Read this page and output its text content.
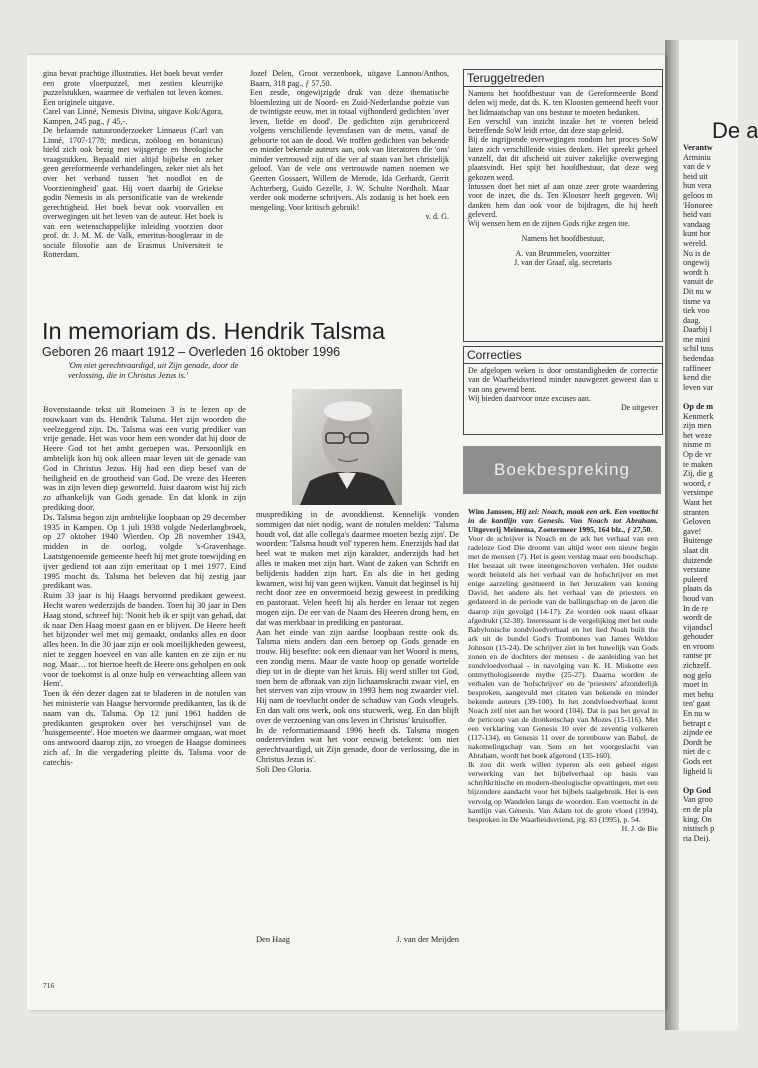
gina bevat prachtige illustraties. Het boek bevat verder een grote vloerpuzzel, met zestien kleurrijke puzzelstukken, waarmee de verhalen tot leven komen. Een originele uitgave.

Carel van Linné, Nemesis Divina, uitgave Kok/Agora, Kampen, 245 pag., ƒ 45,-.

De befaamde natuuronderzoeker Linnaeus (Carl van Linné, 1707-1778; medicus, zoöloog en botanicus) hield zich ook bezig met wijsgerige en theologische vraagstukken. Bepaald niet altijd bijbelse en zeker geen gereformeerde verhandelingen, zeker niet als het over het verband tussen 'het noodlot en de Voorzieningheid' gaat. Hij voert daarbij de Griekse godin Nemesis in als personificatie van de wrekende gerechtigheid. Het boek bevat ook voorvallen en overwegingen uit het leven van de auteur. Het boek is van een wetenschappelijke inleiding voorzien door prof. dr. J. M. M. de Valk, emeritus-hoogleraar in de sociale filosofie aan de Erasmus Universiteit te Rotterdam.

Jozef Delen, Groot verzenboek, uitgave Lannoo/Anthos, Baarn, 318 pag., ƒ 57,50.

Een zesde, ongewijzigde druk van deze thematische bloemlezing uit de Noord- en Zuid-Nederlandse poëzie van de twintigste eeuw, met in totaal vijfhonderd gedichten 'over leven, liefde en dood'. De gedichten zijn gerubriceerd volgens verschillende levensfasen van de mens, vanaf de geboorte tot aan de dood. We troffen gedichten van bekende en minder bekende auteurs aan, ook van literatoren die 'ons' minder vertrouwd zijn of die ver af staan van het christelijk geloof. Van de vele ons vertrouwde namen noemen we Geerten Gossaert, Willem de Merode, Ida Gerhardt, Gerrit Achterberg, Guido Gezelle, J. W. Schulte Nordholt. Maar verder ook moderne schrijvers. Als zodanig is het boek een mengeling. Voor kritisch gebruik!

v. d. G.

Teruggetreden

Namens het hoofdbestuur van de Gereformeerde Bond delen wij mede, dat ds. K. ten Kloosten gemeend heeft voor het lidmaatschap van ons bestuur te moeten bedanken.

Een verschil van inzicht inzake het te voeren beleid betreffende SoW leidt ertoe, dat deze stap geleid.

Bij de ingrijpende overwegingen rondom het proces SoW laten zich verschillende visies denken. Het spreekt geheel vanzelf, dat dit afscheid uit zuiver zakelijke overweging plaatsvindt. Het spijt het hoofdbestuur, dat deze weg gekozen werd.

Intussen doet het niet af aan onze zeer grote waardering voor de inzet, die ds. Ten Klooster heeft gegeven. Wij danken hem dan ook voor de bijdragen, die hij heeft geleverd.

Wij wensen hem en de zijnen Gods rijke zegen toe.

Namens het hoofdbestuur,

A. van Brummelen, voorzitter

J. van der Graaf, alg. secretaris

Correcties

De afgelopen weken is door omstandigheden de correctie van de Waarheidsvriend minder nauwgezet geweest dan u van ons gewend bent.

Wij bieden daarvoor onze excuses aan.

De uitgever

In memoriam ds. Hendrik Talsma
Geboren 26 maart 1912 – Overleden 16 oktober 1996
'Om niet gerechtvaardigd, uit Zijn genade, door de verlossing, die in Christus Jezus is.'

Bovenstaande tekst uit Romeinen 3 is te lezen op de rouwkaart van ds. Hendrik Talsma. Het zijn woorden die veelzeggend zijn. Ds. Talsma was een vurig prediker van vrije genade. Het was voor hem een wonder dat hij door de Heere God tot het ambt geroepen was. Persoonlijk en ambtelijk kon hij ook alleen maar leven uit de genade van God in Christus Jezus. Hij had een diep besef van de heiligheid en de grootheid van God. De vreze des Heeren was in zijn leven diep geworteld. Juist daarom wist hij zich zo afhankelijk van Gods genade. En dat klonk in zijn prediking door.

Ds. Talsma begon zijn ambtelijke loopbaan op 29 december 1935 in Kampen. Op 1 juli 1938 volgde Nederlangbroek, op 27 oktober 1940 Wierden. Op 28 november 1943, midden in de oorlog, volgde 's-Gravenhage. Laatstgenoemde gemeente heeft hij met grote toewijding en ijver gediend tot aan zijn emeritaat op 1 mei 1977. Eind 1995 mocht ds. Talsma het beleven dat hij zestig jaar predikant was.

Ruim 33 jaar is hij Haags hervormd predikant geweest. Hecht waren wederzijds de banden. Toen hij 30 jaar in Den Haag stond, schreef hij: 'Nooit heb ik er spijt van gehad, dat ik naar Den Haag moest gaan en er blijven. De Heere heeft het bijzonder wel met mij gemaakt, ondanks alles en door alles heen. In die 30 jaar zijn er ook moeilijkheden geweest, niet te zeggen hoeveel en van alle kanten en ze zijn er nu nog. Maar… tot hiertoe heeft de Heere ons geholpen en ook voor de toekomst is al onze hulp en verwachting alleen van Hem'.

Toen ik één dezer dagen zat te bladeren in de notulen van het ministerie van Haagse hervormde predikanten, las ik de naam van ds. Talsma. Op 12 juni 1961 hadden de predikanten gesproken over het verschijnsel van de 'huisgemeente'. Hoe moeten we daarmee omgaan, wat moet ons antwoord daarop zijn, zo vroegen de Haagse dominees zich af. In die vergadering pleitte ds. Talsma voor de catechis-

musprediking in de avonddienst. Kennelijk vonden sommigen dat niet nodig, want de notulen melden: 'Talsma houdt vol, dat alle collega's daarmee moeten bezig zijn'. De woorden: 'Talsma houdt vol' typeren hem. Enerzijds had dat heel wat te maken met zijn karakter, anderzijds had het alles te maken met zijn hart. Want de zaken van Schrift en belijdenis hadden zijn hart. En als die in het geding kwamen, wist hij van geen wijken. Vanuit dat beginsel is hij recht door zee en onvermoeid bezig geweest in prediking en pastoraat. Velen heeft hij als herder en leraar tot zegen mogen zijn. De eer van de Naam des Heeren drong hem, en dat was merkbaar in prediking en pastoraat.

Aan het einde van zijn aardse loopbaan restte ook ds. Talsma niets anders dan een beroep op Gods genade en trouw. Hij beseftte: ook een dienaar van het Woord is mens, een zondig mens. Maar de vaste hoop op genade wortelde diep tot in de diepte van het kruis. Hij werd stiller tot God, toen hem de afbraak van zijn lichaamskracht zwaar viel, en het sterven van zijn vrouw in 1993 hem nog zwaarder viel. Hij nam de toevlucht onder de schaduw van Gods vleugels. En dan valt ons werk, ook ons stucwerk, weg. En dan blijft over de verzoening van ons leven in Christus' kruisoffer.

In de reformatiemaand 1996 heeft ds. Talsma mogen onderervinden wat het voor eeuwig betekent: 'om niet gerechtvaardigd, uit Zijn genade, door de verlossing, die in Christus Jezus is'.

Soli Deo Gloria.

Den Haag	J. van der Meijden
716
Boekbespreking

Wim Janssen, Hij zei: Noach, maak een ark. Een voettocht in de kantlijn van Genesis. Van Noach tot Abraham. Uitgeverij Meinema, Zoetermeer 1995, 164 blz., ƒ 27,50.

Voor de schrijver is Noach en de ark het verhaal van een radeloze God Die droomt van altijd weer een nieuw begin met de mensen (7). Het is geen verslag maar een boodschap. Het bestaat uit twee ineengeschoven verhalen. Het oudste wordt beïnteld als het verhaal van de hofschrijver en met enige aarzeling gesitueerd in het Jeruzalem van koning David, het andere als het verhaal van de priesters en gedateerd in de periode van de ballingschap en de jaren die daarop zijn gevolgd (14-17). Ze worden ook naast elkaar afgedrukt (32-38). Interessant is de vergelijking met het oude Babylonische zondvloedverhaal en het lied Noah built the ark uit de bundel God's Trombones van James Weldon Johnson (15-24). De schrijver ziet in het huwelijk van Gods zonen en de dochters der mensen - de aanleiding van het zondvloedverhaal - in navolging van K. H. Miskotte een ontmythologiseerde mythe (25-27). Daarna worden de verhalen van de 'hofschrijver' en de 'priesters' afzonderlijk besproken, aangevuld met citaten van bekende en minder bekende auteurs (39-100). In het zondvloedverhaal komt Noach zelf niet aan het woord (104). Dat is pas het geval in de pericoop van de dronkenschap van Mozes (15-116). Met een verklaring van Genesis 10 over de zeventig volkeren (117-134), en Genesis 11 over de torenbouw van Babel, de nakomelingschap van Sem en het voorgeslacht van Abraham, wordt het boek afgerond (135-160).

Ik zou dit werk willen typeren als een geheel eigen verwerking van het bijbelverhaal op basis van schriftkritische en modern-theologische opvattingen, met een bijzondere aandacht voor het bijbels taalgebruik. Het is een vervolg op Wandelen langs de woorden. Een voettocht in de kantlijn van Genesis. Van Adam tot de grote vloed (1994), besproken in De Waarheidsvriend, jrg. 83 (1995), p. 54.

H. J. de Bie

De a

Verantw

Arminiu

van de v

heid uit

hun vera

geloos m

'Honoree

heid van

vandaag

kunt hor

wereld.

Nu is de

ongewij

wordt h

vanuit de

Dit nu w

tisme va

tiek voo

daag.

Daarbij l

me mini

schil tuss

hedendaa

raffineer

kend die

leven var

Op de m

Kenmerk

zijn men

het weze

nisme m

Op de vr

te maken

Zij, die g

woord, r

versimpe

Want het

stranten

Geloven

gave!

Buitenge

slaat dit

duizende

verstane

puleerd

plaats da

houd van

In de re

wordt de

vijandscl

gehouder

en vroom

rantse pr

zichzelf.

nog gelo

moet in

met behu

ten' gaat

En nu w

betrapt c

zijnde ee

Dordt be

niet de c

Gods eet

ligheid li

Op God

Van groo

en de pla

king. On

nistisch p

ria Dei).
